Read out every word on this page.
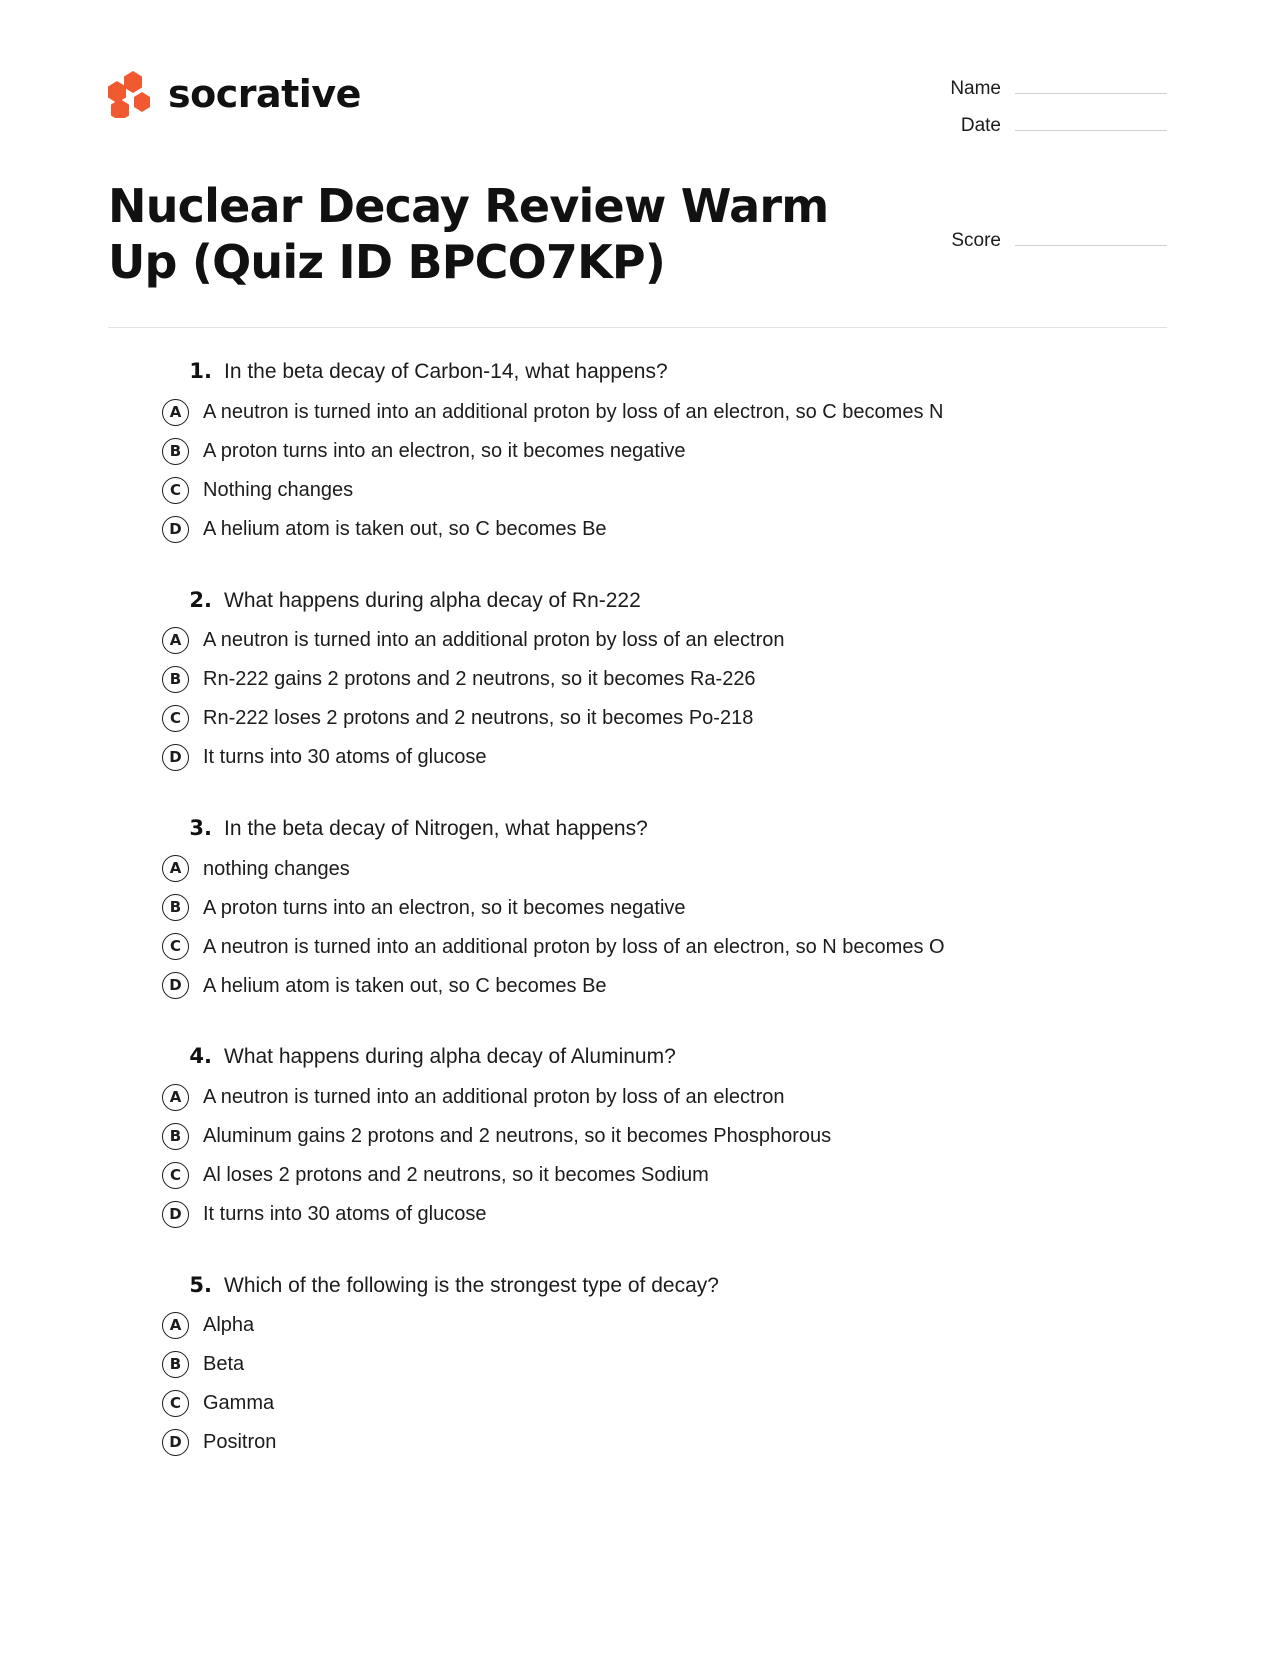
socrative	Name
Date
Nuclear Decay Review Warm Up (Quiz ID BPCO7KP)	Score
1. In the beta decay of Carbon-14, what happens?
A	A neutron is turned into an additional proton by loss of an electron, so C becomes N
B	A proton turns into an electron, so it becomes negative
C	Nothing changes
D	A helium atom is taken out, so C becomes Be
2. What happens during alpha decay of Rn-222
A	A neutron is turned into an additional proton by loss of an electron
B	Rn-222 gains 2 protons and 2 neutrons, so it becomes Ra-226
C	Rn-222 loses 2 protons and 2 neutrons, so it becomes Po-218
D	It turns into 30 atoms of glucose
3. In the beta decay of Nitrogen, what happens?
A	nothing changes
B	A proton turns into an electron, so it becomes negative
C	A neutron is turned into an additional proton by loss of an electron, so N becomes O
D	A helium atom is taken out, so C becomes Be
4. What happens during alpha decay of Aluminum?
A	A neutron is turned into an additional proton by loss of an electron
B	Aluminum gains 2 protons and 2 neutrons, so it becomes Phosphorous
C	Al loses 2 protons and 2 neutrons, so it becomes Sodium
D	It turns into 30 atoms of glucose
5. Which of the following is the strongest type of decay?
A	Alpha
B	Beta
C	Gamma
D	Positron
